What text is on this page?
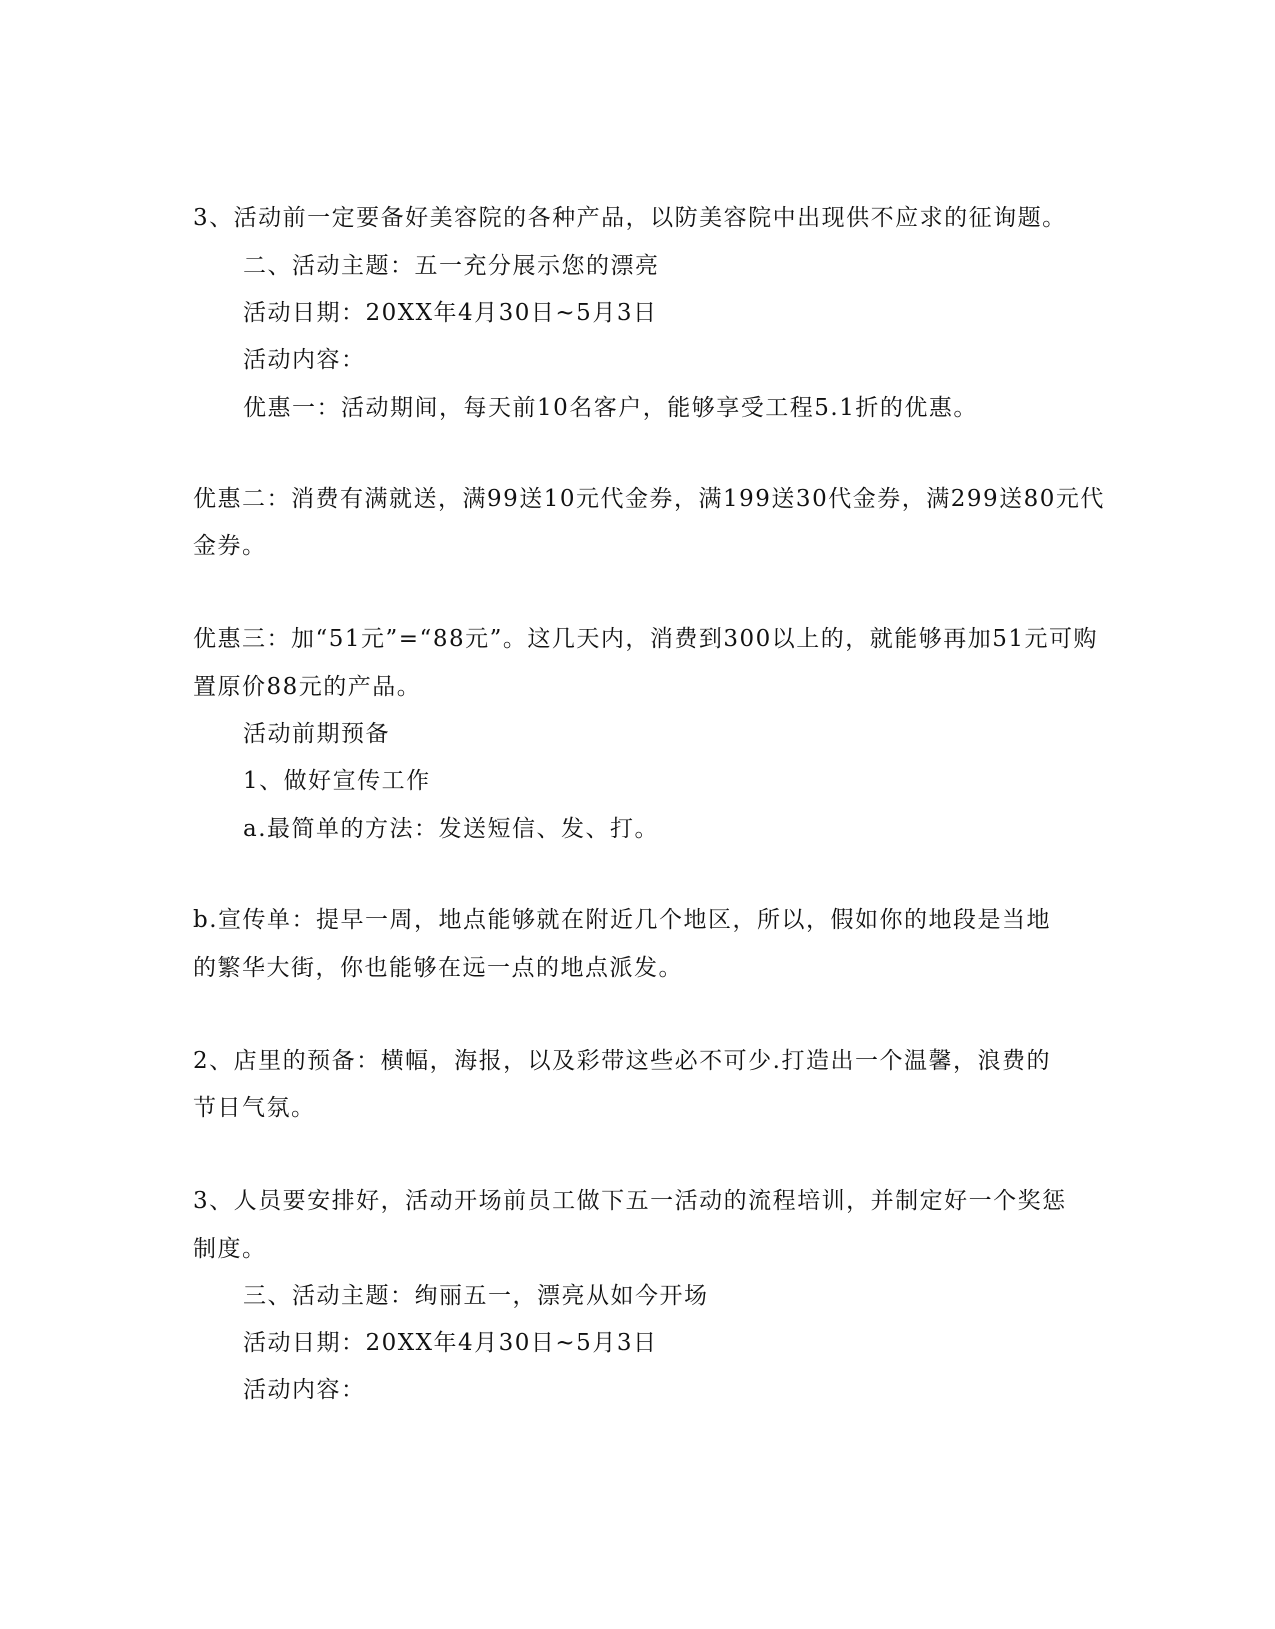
3、活动前一定要备好美容院的各种产品，以防美容院中出现供不应求的征询题。
二、活动主题：五一充分展示您的漂亮
活动日期：20XX年4月30日~5月3日
活动内容：
优惠一：活动期间，每天前10名客户，能够享受工程5.1折的优惠。
优惠二：消费有满就送，满99送10元代金券，满199送30代金券，满299送80元代
金券。
优惠三：加“51元”=“88元”。这几天内，消费到300以上的，就能够再加51元可购
置原价88元的产品。
活动前期预备
1、做好宣传工作
a.最简单的方法：发送短信、发、打。
b.宣传单：提早一周，地点能够就在附近几个地区，所以，假如你的地段是当地
的繁华大街，你也能够在远一点的地点派发。
2、店里的预备：横幅，海报，以及彩带这些必不可少.打造出一个温馨，浪费的
节日气氛。
3、人员要安排好，活动开场前员工做下五一活动的流程培训，并制定好一个奖惩
制度。
三、活动主题：绚丽五一，漂亮从如今开场
活动日期：20XX年4月30日~5月3日
活动内容：
